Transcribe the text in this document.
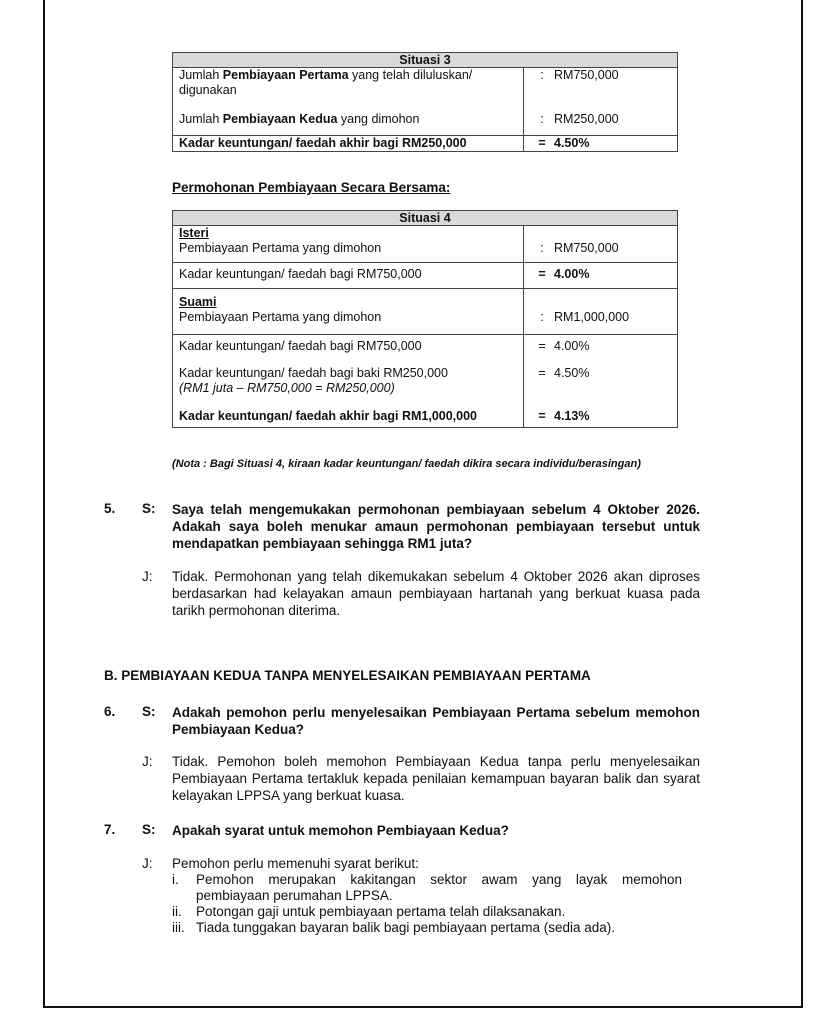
Situasi 3	
Jumlah Pembiayaan Pertama yang telah diluluskan/ digunakan	: RM750,000
Jumlah Pembiayaan Kedua yang dimohon	: RM250,000
Kadar keuntungan/ faedah akhir bagi RM250,000	= 4.50%
Permohonan Pembiayaan Secara Bersama:
Situasi 4	

Isteri
Pembiayaan Pertama yang dimohon	: RM750,000
Kadar keuntungan/ faedah bagi RM750,000	= 4.00%

Suami
Pembiayaan Pertama yang dimohon	: RM1,000,000
Kadar keuntungan/ faedah bagi RM750,000	= 4.00%

Kadar keuntungan/ faedah bagi baki RM250,000
(RM1 juta – RM750,000 = RM250,000)	= 4.50%
Kadar keuntungan/ faedah akhir bagi RM1,000,000	= 4.13%
(Nota : Bagi Situasi 4, kiraan kadar keuntungan/ faedah dikira secara individu/berasingan)
5. S: Saya telah mengemukakan permohonan pembiayaan sebelum 4 Oktober 2026. Adakah saya boleh menukar amaun permohonan pembiayaan tersebut untuk mendapatkan pembiayaan sehingga RM1 juta?
J:	Tidak. Permohonan yang telah dikemukakan sebelum 4 Oktober 2026 akan diproses berdasarkan had kelayakan amaun pembiayaan hartanah yang berkuat kuasa pada tarikh permohonan diterima.
B. PEMBIAYAAN KEDUA TANPA MENYELESAIKAN PEMBIAYAAN PERTAMA
6. S: Adakah pemohon perlu menyelesaikan Pembiayaan Pertama sebelum memohon Pembiayaan Kedua?
J:	Tidak. Pemohon boleh memohon Pembiayaan Kedua tanpa perlu menyelesaikan Pembiayaan Pertama tertakluk kepada penilaian kemampuan bayaran balik dan syarat kelayakan LPPSA yang berkuat kuasa.
7. S: Apakah syarat untuk memohon Pembiayaan Kedua?
J:	Pemohon perlu memenuhi syarat berikut:
i.	Pemohon merupakan kakitangan sektor awam yang layak memohon pembiayaan perumahan LPPSA.
ii.	Potongan gaji untuk pembiayaan pertama telah dilaksanakan.
iii. Tiada tunggakan bayaran balik bagi pembiayaan pertama (sedia ada).
